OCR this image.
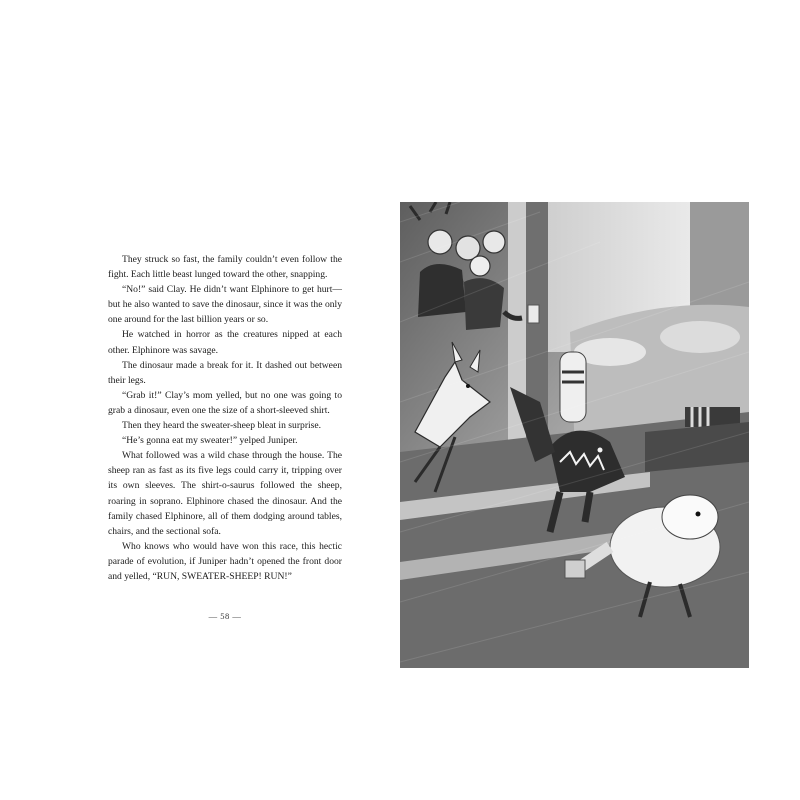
They struck so fast, the family couldn’t even follow the fight. Each little beast lunged toward the other, snapping.

“No!” said Clay. He didn’t want Elphinore to get hurt—but he also wanted to save the dinosaur, since it was the only one around for the last billion years or so.

He watched in horror as the creatures nipped at each other. Elphinore was savage.

The dinosaur made a break for it. It dashed out between their legs.

“Grab it!” Clay’s mom yelled, but no one was going to grab a dinosaur, even one the size of a short-sleeved shirt.

Then they heard the sweater-sheep bleat in surprise.

“He’s gonna eat my sweater!” yelped Juniper.

What followed was a wild chase through the house. The sheep ran as fast as its five legs could carry it, tripping over its own sleeves. The shirt-o-saurus followed the sheep, roaring in soprano. Elphinore chased the dinosaur. And the family chased Elphinore, all of them dodging around tables, chairs, and the sectional sofa.

Who knows who would have won this race, this hectic parade of evolution, if Juniper hadn’t opened the front door and yelled, “RUN, SWEATER-SHEEP! RUN!”

— 58 —
